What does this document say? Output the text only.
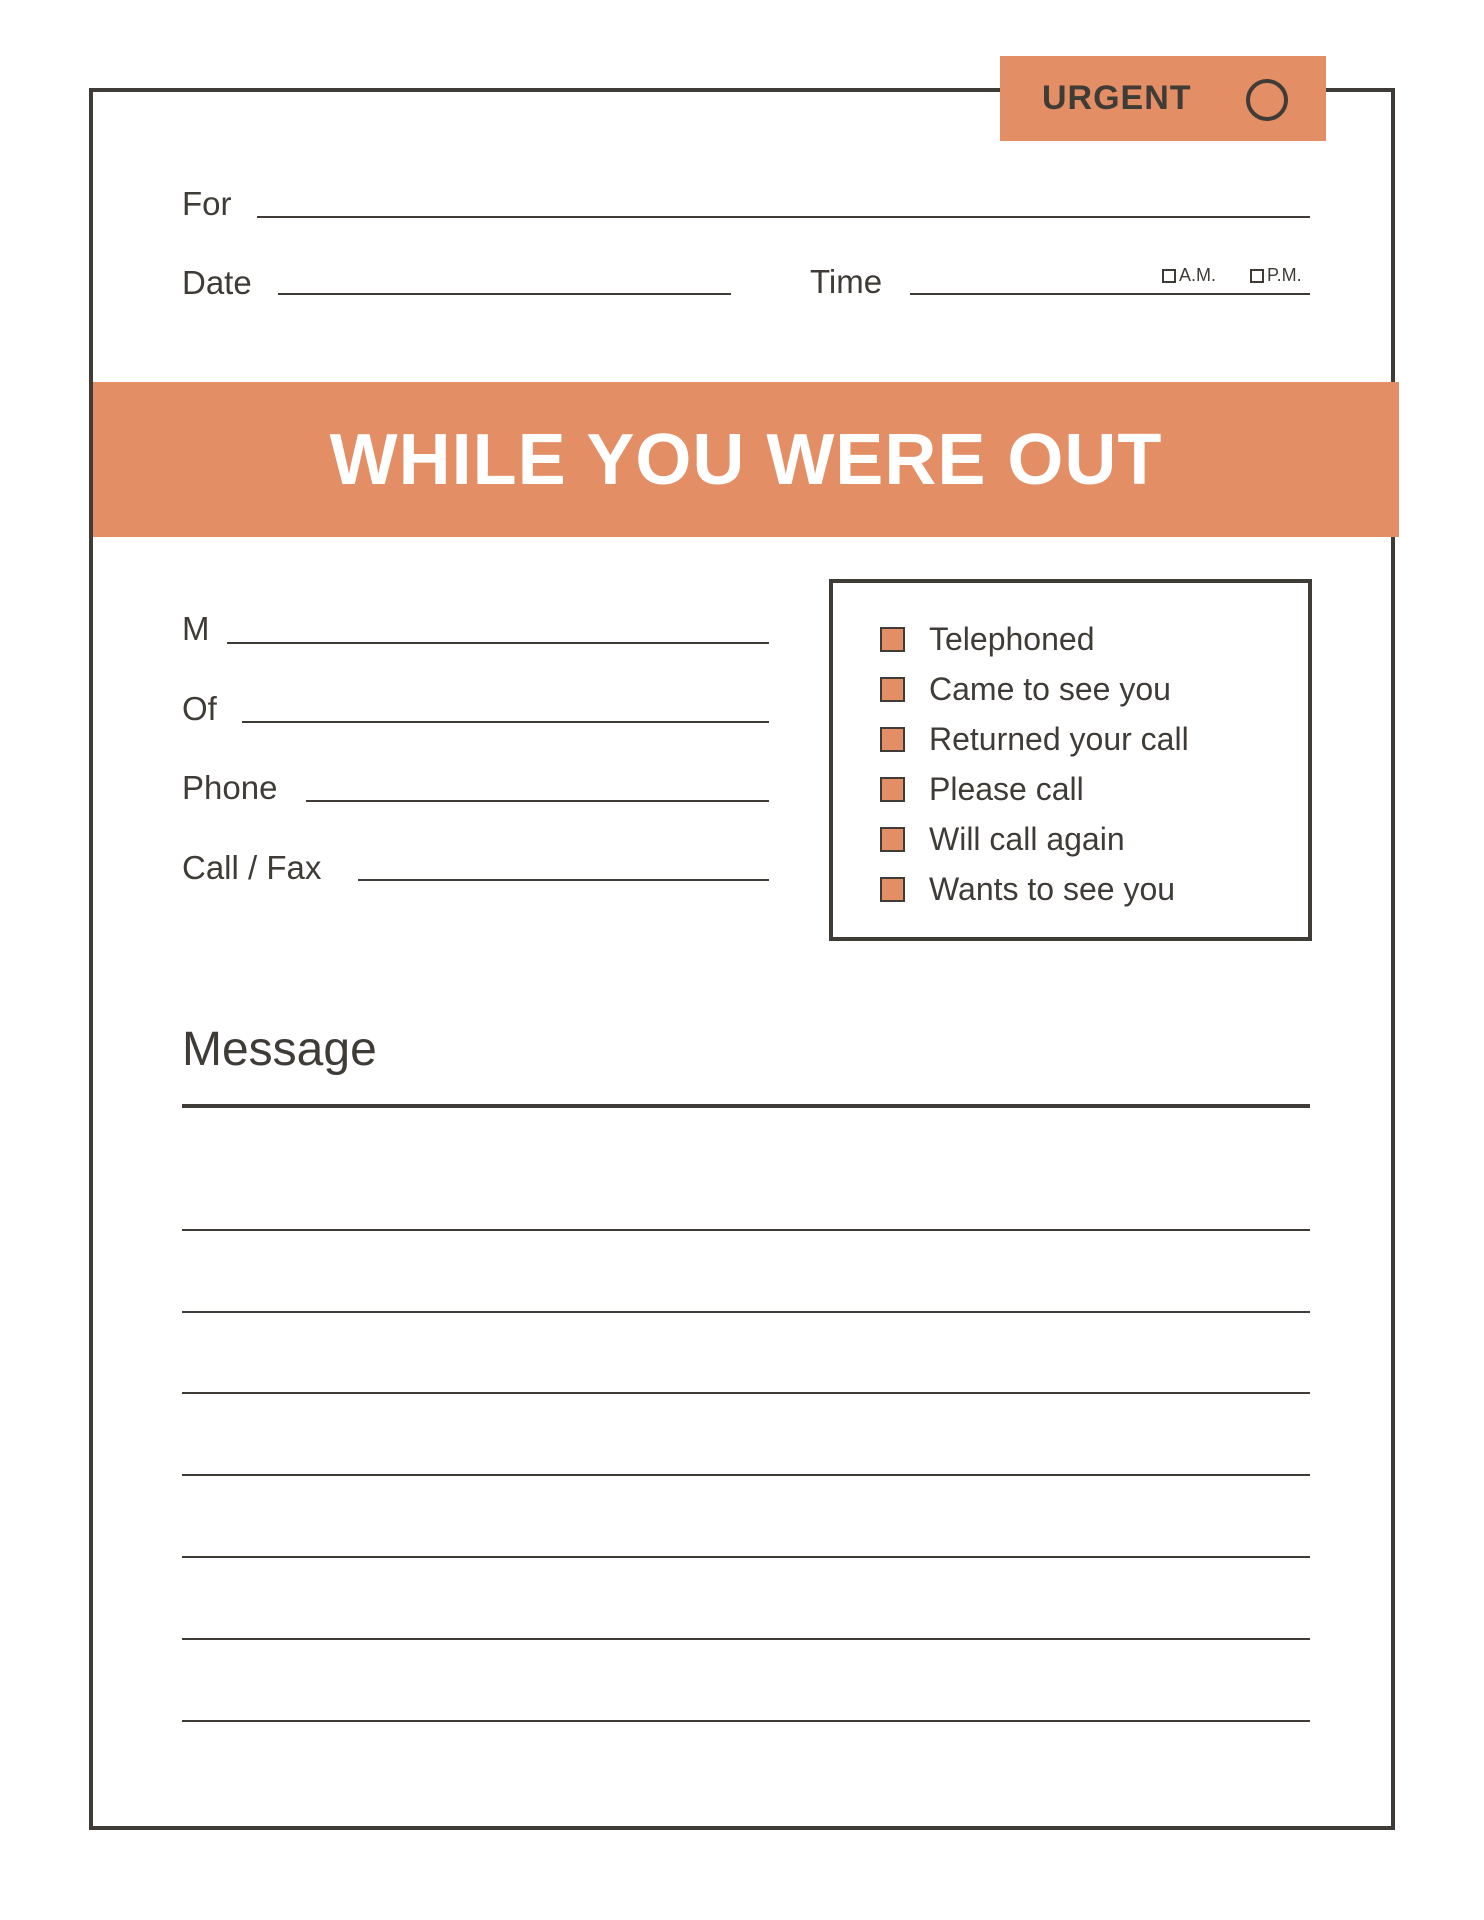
URGENT
For
Date	Time	A.M.	P.M.
WHILE YOU WERE OUT
M
Of
Phone
Call / Fax
Telephoned
Came to see you
Returned your call
Please call
Will call again
Wants to see you
Message
